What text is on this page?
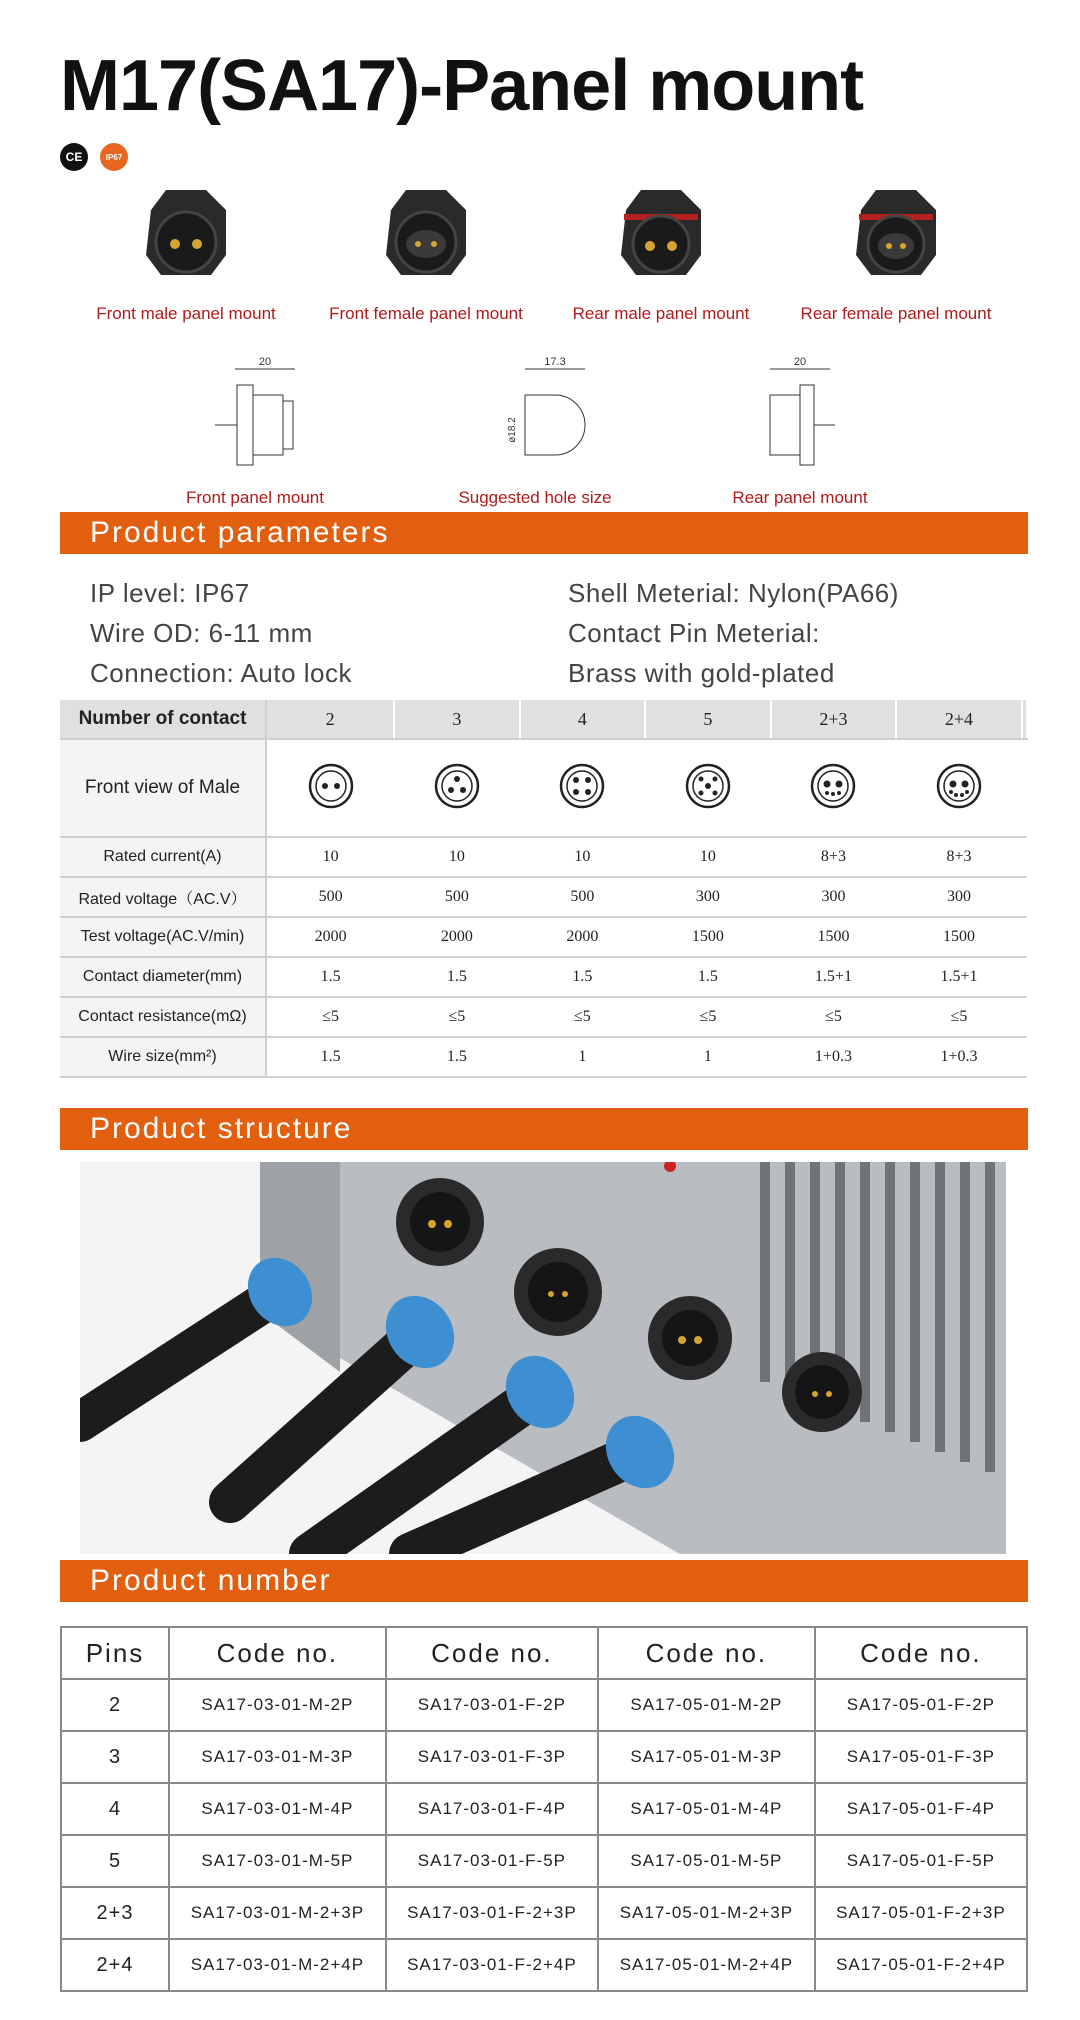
M17(SA17)-Panel mount
CE	IP67
Front male panel mount	Front female panel mount	Rear male panel mount	Rear female panel mount
20
Front panel mount
17.3
ø18.2
Suggested hole size
20
Rear panel mount
Product parameters
IP level: IP67
Wire OD: 6-11 mm
Connection: Auto lock
Shell Meterial: Nylon(PA66)
Contact Pin Meterial:
Brass with gold-plated
Number of contact	2	3	4	5	2+3	2+4	
Front view of Male							
Rated current(A)	10	10	10	10	8+3	8+3	
Rated voltage（AC.V）	500	500	500	300	300	300	
Test voltage(AC.V/min)	2000	2000	2000	1500	1500	1500	
Contact diameter(mm)	1.5	1.5	1.5	1.5	1.5+1	1.5+1	
Contact resistance(mΩ)	≤5	≤5	≤5	≤5	≤5	≤5	
Wire size(mm²)	1.5	1.5	1	1	1+0.3	1+0.3	
Product structure
Product number
Pins	Code no.	Code no.	Code no.	Code no.
2	SA17-03-01-M-2P	SA17-03-01-F-2P	SA17-05-01-M-2P	SA17-05-01-F-2P
3	SA17-03-01-M-3P	SA17-03-01-F-3P	SA17-05-01-M-3P	SA17-05-01-F-3P
4	SA17-03-01-M-4P	SA17-03-01-F-4P	SA17-05-01-M-4P	SA17-05-01-F-4P
5	SA17-03-01-M-5P	SA17-03-01-F-5P	SA17-05-01-M-5P	SA17-05-01-F-5P
2+3	SA17-03-01-M-2+3P	SA17-03-01-F-2+3P	SA17-05-01-M-2+3P	SA17-05-01-F-2+3P
2+4	SA17-03-01-M-2+4P	SA17-03-01-F-2+4P	SA17-05-01-M-2+4P	SA17-05-01-F-2+4P
